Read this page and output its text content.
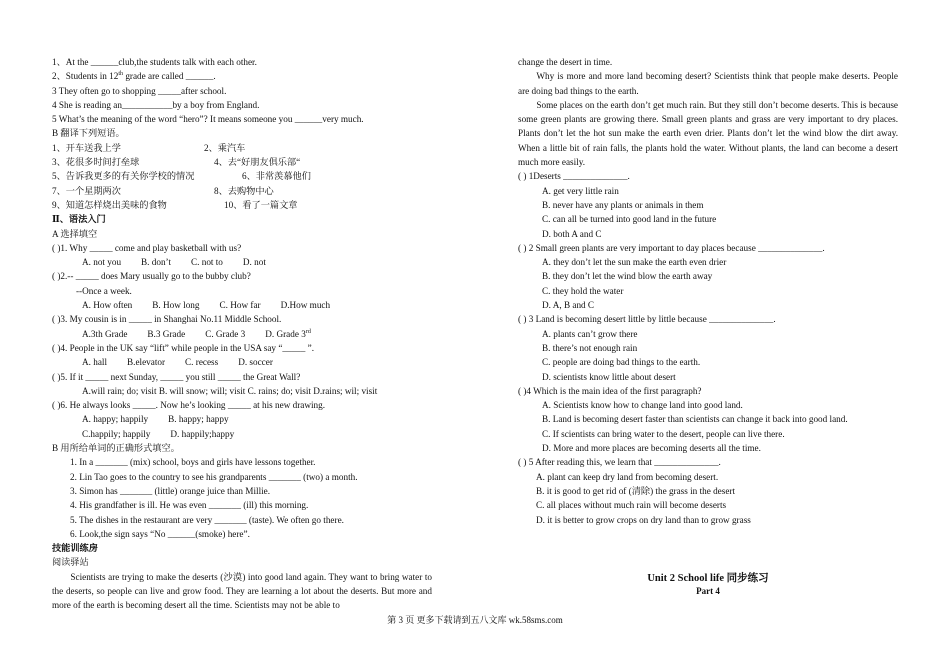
1、At the ______club,the students talk with each other.
2、Students in 12th grade are called ______.
3 They often go to shopping _____after school.
4 She is reading an___________by a boy from England.
5 What’s the meaning of the word “hero”? It means someone you ______very much.
B 翻译下列短语。
1、开车送我上学	2、乘汽车
3、花很多时间打垒球	4、去“好朋友俱乐部“
5、告诉我更多的有关你学校的情况	6、非常羡慕他们
7、一个星期两次	8、去购物中心
9、知道怎样烧出美味的食物	10、看了一篇文章
Ⅱ、语法入门
A 选择填空
( )1. Why _____ come and play basketball with us?
A. not you B. don’t C. not to D. not
( )2.-- _____ does Mary usually go to the bubby club?
--Once a week.
A. How often B. How long C. How far D.How much
( )3. My cousin is in _____ in Shanghai No.11 Middle School.
A.3th Grade B.3 Grade C. Grade 3 D. Grade 3rd
( )4. People in the UK say “lift” while people in the USA say “_____ ”.
A. hall B.elevator C. recess D. soccer
( )5. If it _____ next Sunday, _____ you still _____ the Great Wall?
A.will rain; do; visit B. will snow; will; visit C. rains; do; visit D.rains; wil; visit
( )6. He always looks _____. Now he’s looking _____ at his new drawing.
A. happy; happily B. happy; happy
C.happily; happily D. happily;happy
B 用所给单词的正确形式填空。
1. In a _______ (mix) school, boys and girls have lessons together.
2. Lin Tao goes to the country to see his grandparents _______ (two) a month.
3. Simon has _______ (little) orange juice than Millie.
4. His grandfather is ill. He was even _______ (ill) this morning.
5. The dishes in the restaurant are very _______ (taste). We often go there.
6. Look,the sign says “No ______(smoke) here”.
技能训练房
阅读驿站

Scientists are trying to make the deserts (沙漠) into good land again. They want to bring water to the deserts, so people can live and grow food. They are learning a lot about the deserts. But more and more of the earth is becoming desert all the time. Scientists may not be able to

change the desert in time.

Why is more and more land becoming desert? Scientists think that people make deserts. People are doing bad things to the earth.

Some places on the earth don’t get much rain. But they still don’t become deserts. This is because some green plants are growing there. Small green plants and grass are very important to dry places. Plants don’t let the hot sun make the earth even drier. Plants don’t let the wind blow the dirt away. When a little bit of rain falls, the plants hold the water. Without plants, the land can become a desert much more easily.

( ) 1Deserts ______________.
A. get very little rain
B. never have any plants or animals in them
C. can all be turned into good land in the future
D. both A and C
( ) 2 Small green plants are very important to day places because ______________.
A. they don’t let the sun make the earth even drier
B. they don’t let the wind blow the earth away
C. they hold the water
D. A, B and C
( ) 3 Land is becoming desert little by little because ______________.
A. plants can’t grow there
B. there’s not enough rain
C. people are doing bad things to the earth.
D. scientists know little about desert
( )4 Which is the main idea of the first paragraph?
A. Scientists know how to change land into good land.
B. Land is becoming desert faster than scientists can change it back into good land.
C. If scientists can bring water to the desert, people can live there.
D. More and more places are becoming deserts all the time.
( ) 5 After reading this, we learn that ______________.
A. plant can keep dry land from becoming desert.
B. it is good to get rid of (清除) the grass in the desert
C. all places without much rain will become deserts
D. it is better to grow crops on dry land than to grow grass
Unit 2 School life 同步练习
Part 4
第 3 页 更多下载请到五八文库 wk.58sms.com
